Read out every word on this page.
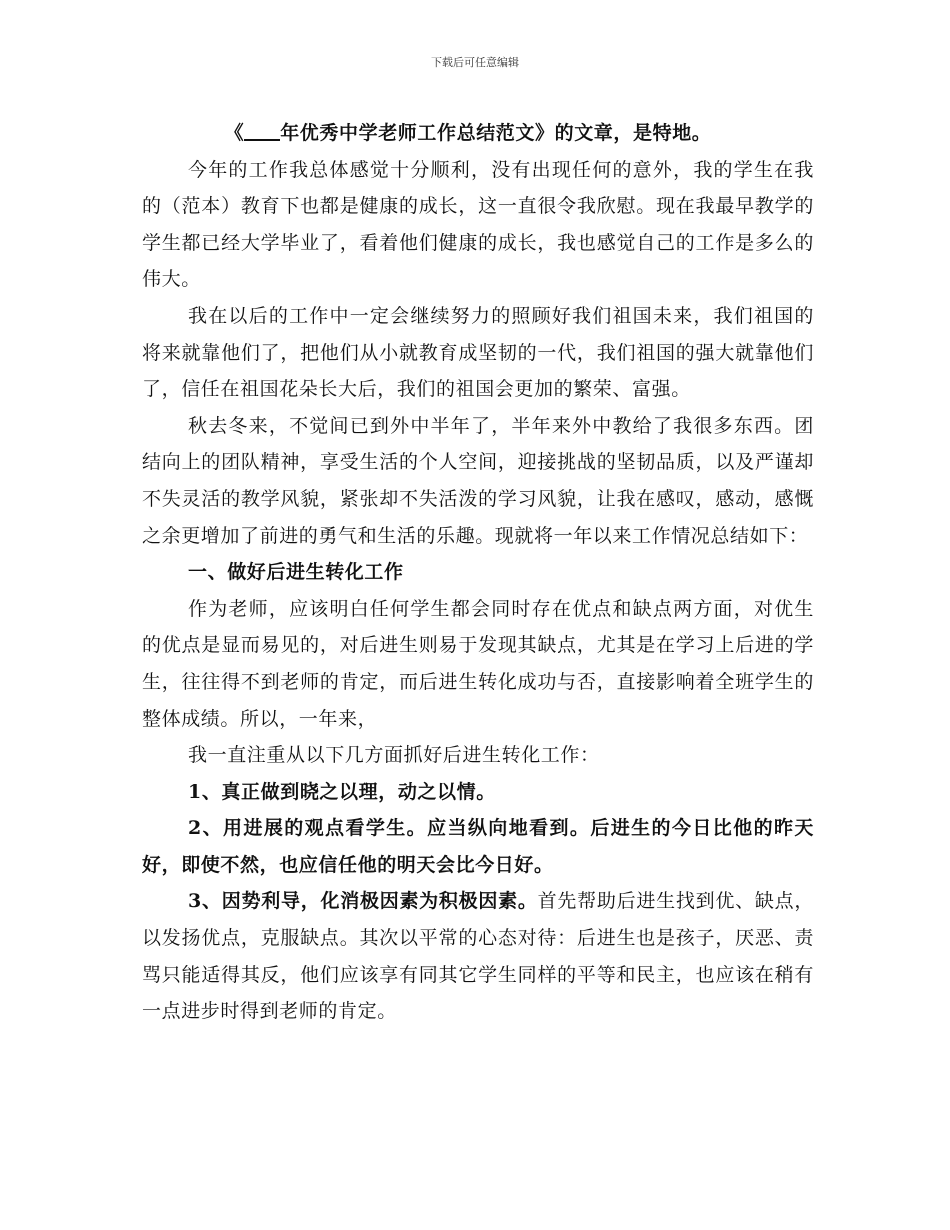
下载后可任意编辑

《 年优秀中学老师工作总结范文》的文章，是特地。

今年的工作我总体感觉十分顺利，没有出现任何的意外，我的学生在我的（范本）教育下也都是健康的成长，这一直很令我欣慰。现在我最早教学的学生都已经大学毕业了，看着他们健康的成长，我也感觉自己的工作是多么的伟大。

我在以后的工作中一定会继续努力的照顾好我们祖国未来，我们祖国的将来就靠他们了，把他们从小就教育成坚韧的一代，我们祖国的强大就靠他们了，信任在祖国花朵长大后，我们的祖国会更加的繁荣、富强。

秋去冬来，不觉间已到外中半年了，半年来外中教给了我很多东西。团结向上的团队精神，享受生活的个人空间，迎接挑战的坚韧品质，以及严谨却不失灵活的教学风貌，紧张却不失活泼的学习风貌，让我在感叹，感动，感慨之余更增加了前进的勇气和生活的乐趣。现就将一年以来工作情况总结如下：

一、做好后进生转化工作

作为老师，应该明白任何学生都会同时存在优点和缺点两方面，对优生的优点是显而易见的，对后进生则易于发现其缺点，尤其是在学习上后进的学生，往往得不到老师的肯定，而后进生转化成功与否，直接影响着全班学生的整体成绩。所以，一年来，

我一直注重从以下几方面抓好后进生转化工作：

1、真正做到晓之以理，动之以情。

2、用进展的观点看学生。应当纵向地看到。后进生的今日比他的昨天好，即使不然，也应信任他的明天会比今日好。

3、因势利导，化消极因素为积极因素。首先帮助后进生找到优、缺点，以发扬优点，克服缺点。其次以平常的心态对待：后进生也是孩子，厌恶、责骂只能适得其反，他们应该享有同其它学生同样的平等和民主，也应该在稍有一点进步时得到老师的肯定。
